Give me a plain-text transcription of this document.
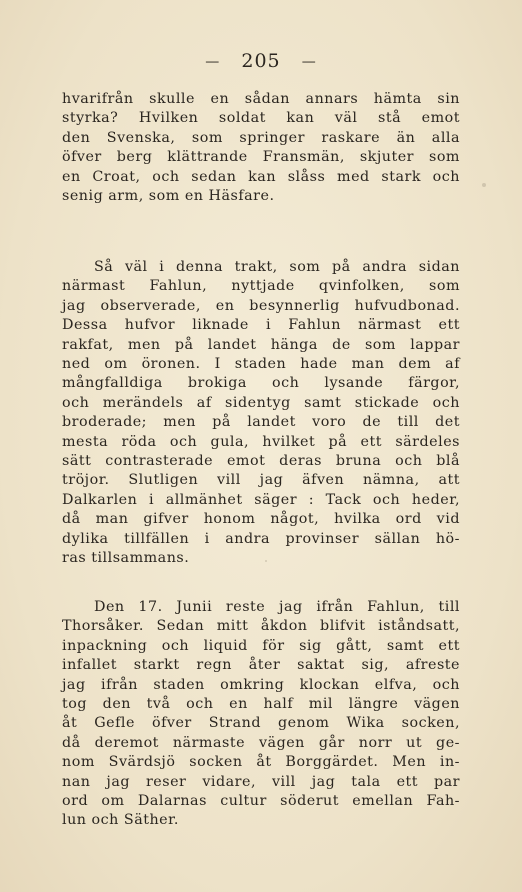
— 205 —
hvarifrån skulle en sådan annars hämta sin
styrka? Hvilken soldat kan väl stå emot
den Svenska, som springer raskare än alla
öfver berg klättrande Fransmän, skjuter som
en Croat, och sedan kan slåss med stark och
senig arm, som en Häsfare.
Så väl i denna trakt, som på andra sidan
närmast Fahlun, nyttjade qvinfolken, som
jag observerade, en besynnerlig hufvudbonad.
Dessa hufvor liknade i Fahlun närmast ett
rakfat, men på landet hänga de som lappar
ned om öronen. I staden hade man dem af
mångfalldiga brokiga och lysande färgor,
och merändels af sidentyg samt stickade och
broderade; men på landet voro de till det
mesta röda och gula, hvilket på ett särdeles
sätt contrasterade emot deras bruna och blå
tröjor. Slutligen vill jag äfven nämna, att
Dalkarlen i allmänhet säger : Tack och heder,
då man gifver honom något, hvilka ord vid
dylika tillfällen i andra provinser sällan hö-
ras tillsammans.
Den 17. Junii reste jag ifrån Fahlun, till
Thorsåker. Sedan mitt åkdon blifvit iståndsatt,
inpackning och liquid för sig gått, samt ett
infallet starkt regn åter saktat sig, afreste
jag ifrån staden omkring klockan elfva, och
tog den två och en half mil längre vägen
åt Gefle öfver Strand genom Wika socken,
då deremot närmaste vägen går norr ut ge-
nom Svärdsjö socken åt Borggärdet. Men in-
nan jag reser vidare, vill jag tala ett par
ord om Dalarnas cultur söderut emellan Fah-
lun och Säther.
